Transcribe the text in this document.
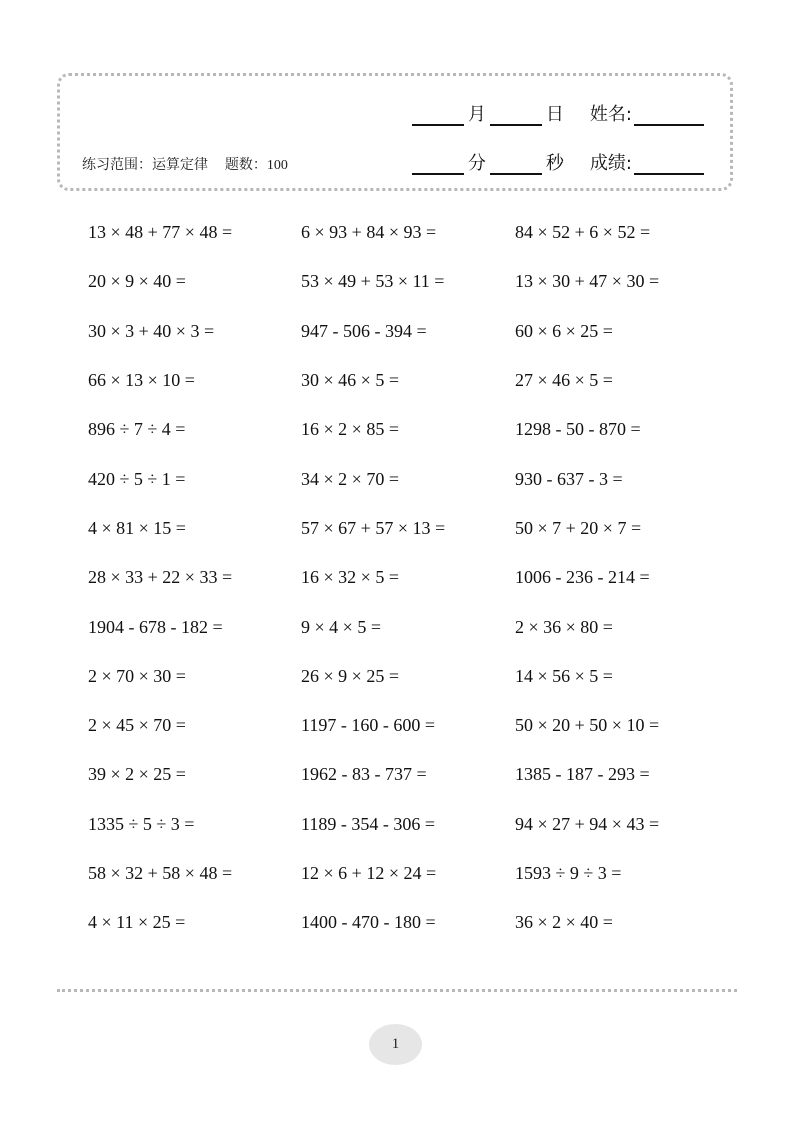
月	日 姓名:
分	秒 成绩:
练习范围：运算定律 题数：100
13 × 48 + 77 × 48 =	6 × 93 + 84 × 93 =	84 × 52 + 6 × 52 =
20 × 9 × 40 =	53 × 49 + 53 × 11 =	13 × 30 + 47 × 30 =
30 × 3 + 40 × 3 =	947 - 506 - 394 =	60 × 6 × 25 =
66 × 13 × 10 =	30 × 46 × 5 =	27 × 46 × 5 =
896 ÷ 7 ÷ 4 =	16 × 2 × 85 =	1298 - 50 - 870 =
420 ÷ 5 ÷ 1 =	34 × 2 × 70 =	930 - 637 - 3 =
4 × 81 × 15 =	57 × 67 + 57 × 13 =	50 × 7 + 20 × 7 =
28 × 33 + 22 × 33 =	16 × 32 × 5 =	1006 - 236 - 214 =
1904 - 678 - 182 =	9 × 4 × 5 =	2 × 36 × 80 =
2 × 70 × 30 =	26 × 9 × 25 =	14 × 56 × 5 =
2 × 45 × 70 =	1197 - 160 - 600 =	50 × 20 + 50 × 10 =
39 × 2 × 25 =	1962 - 83 - 737 =	1385 - 187 - 293 =
1335 ÷ 5 ÷ 3 =	1189 - 354 - 306 =	94 × 27 + 94 × 43 =
58 × 32 + 58 × 48 =	12 × 6 + 12 × 24 =	1593 ÷ 9 ÷ 3 =
4 × 11 × 25 =	1400 - 470 - 180 =	36 × 2 × 40 =
1
